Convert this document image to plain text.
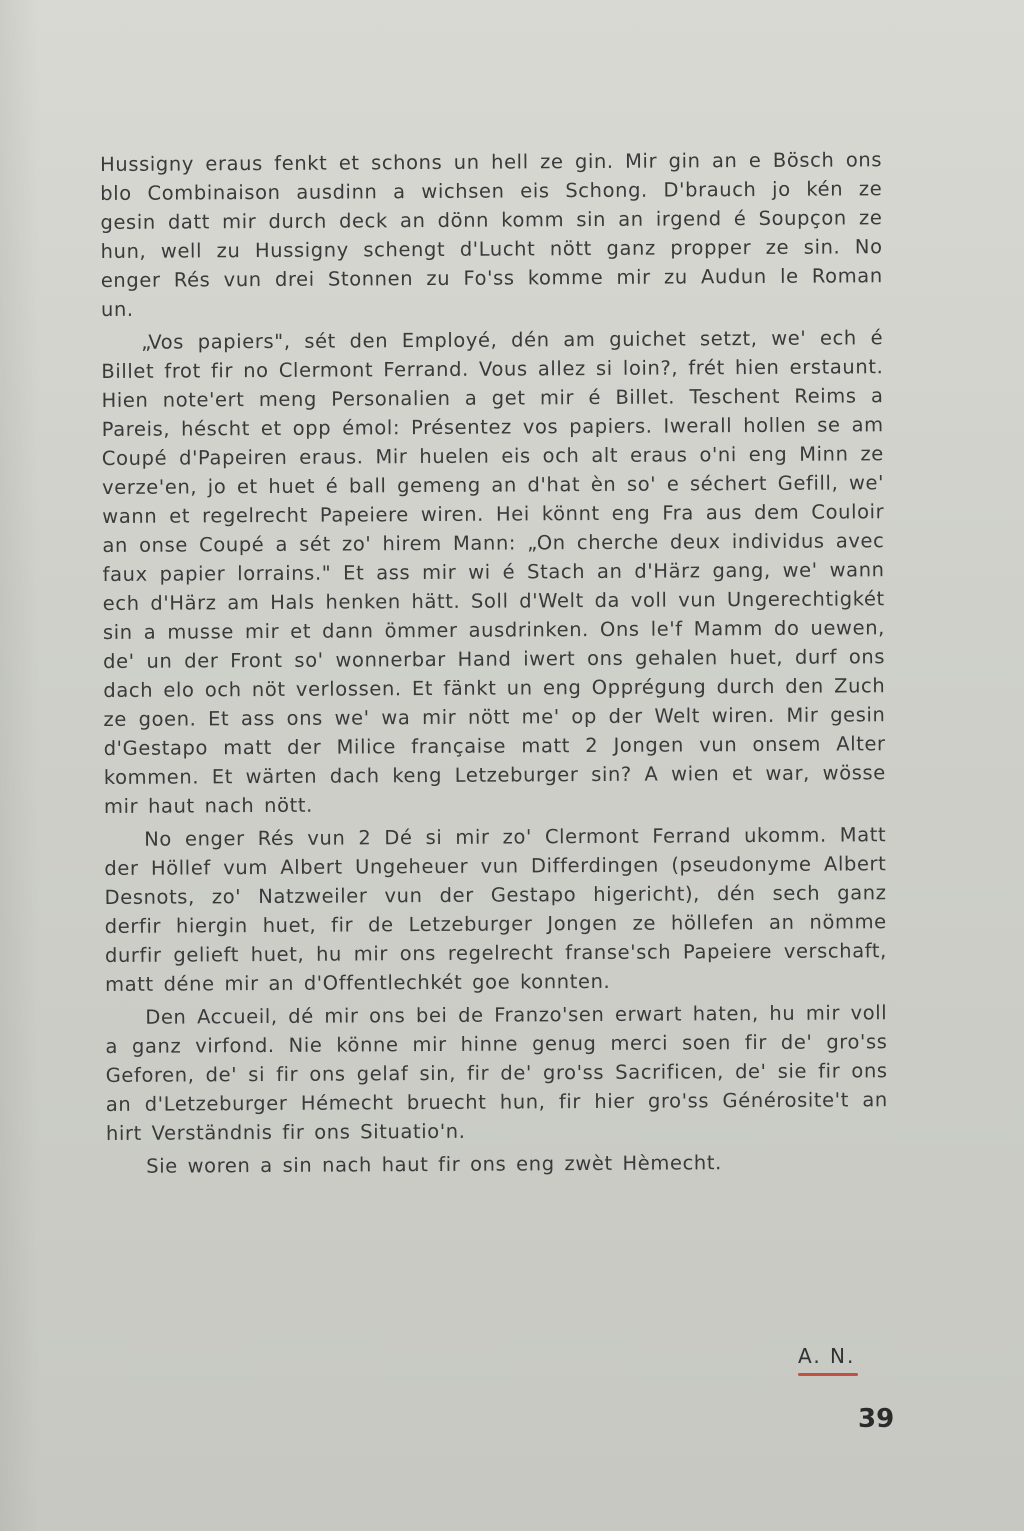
Hussigny eraus fenkt et schons un hell ze gin. Mir gin an e Bösch ons blo Combinaison ausdinn a wichsen eis Schong. D'brauch jo kén ze gesin datt mir durch deck an dönn komm sin an irgend é Soupçon ze hun, well zu Hussigny schengt d'Lucht nött ganz propper ze sin. No enger Rés vun drei Stonnen zu Fo'ss komme mir zu Audun le Roman un.

„Vos papiers", sét den Employé, dén am guichet setzt, we' ech é Billet frot fir no Clermont Ferrand. Vous allez si loin?, frét hien erstaunt. Hien note'ert meng Personalien a get mir é Billet. Teschent Reims a Pareis, héscht et opp émol: Présentez vos papiers. Iwerall hollen se am Coupé d'Papeiren eraus. Mir huelen eis och alt eraus o'ni eng Minn ze verze'en, jo et huet é ball gemeng an d'hat èn so' e séchert Gefill, we' wann et regelrecht Papeiere wiren. Hei könnt eng Fra aus dem Couloir an onse Coupé a sét zo' hirem Mann: „On cherche deux individus avec faux papier lorrains." Et ass mir wi é Stach an d'Härz gang, we' wann ech d'Härz am Hals henken hätt. Soll d'Welt da voll vun Ungerechtigkét sin a musse mir et dann ömmer ausdrinken. Ons le'f Mamm do uewen, de' un der Front so' wonnerbar Hand iwert ons gehalen huet, durf ons dach elo och nöt verlossen. Et fänkt un eng Opprégung durch den Zuch ze goen. Et ass ons we' wa mir nött me' op der Welt wiren. Mir gesin d'Gestapo matt der Milice française matt 2 Jongen vun onsem Alter kommen. Et wärten dach keng Letzeburger sin? A wien et war, wösse mir haut nach nött.

No enger Rés vun 2 Dé si mir zo' Clermont Ferrand ukomm. Matt der Höllef vum Albert Ungeheuer vun Differdingen (pseudonyme Albert Desnots, zo' Natzweiler vun der Gestapo higericht), dén sech ganz derfir hiergin huet, fir de Letzeburger Jongen ze höllefen an nömme durfir gelieft huet, hu mir ons regelrecht franse'sch Papeiere verschaft, matt déne mir an d'Offentlechkét goe konnten.

Den Accueil, dé mir ons bei de Franzo'sen erwart haten, hu mir voll a ganz virfond. Nie könne mir hinne genug merci soen fir de' gro'ss Geforen, de' si fir ons gelaf sin, fir de' gro'ss Sacrificen, de' sie fir ons an d'Letzeburger Hémecht bruecht hun, fir hier gro'ss Générosite't an hirt Verständnis fir ons Situatio'n.

Sie woren a sin nach haut fir ons eng zwèt Hèmecht.

A. N.
39
